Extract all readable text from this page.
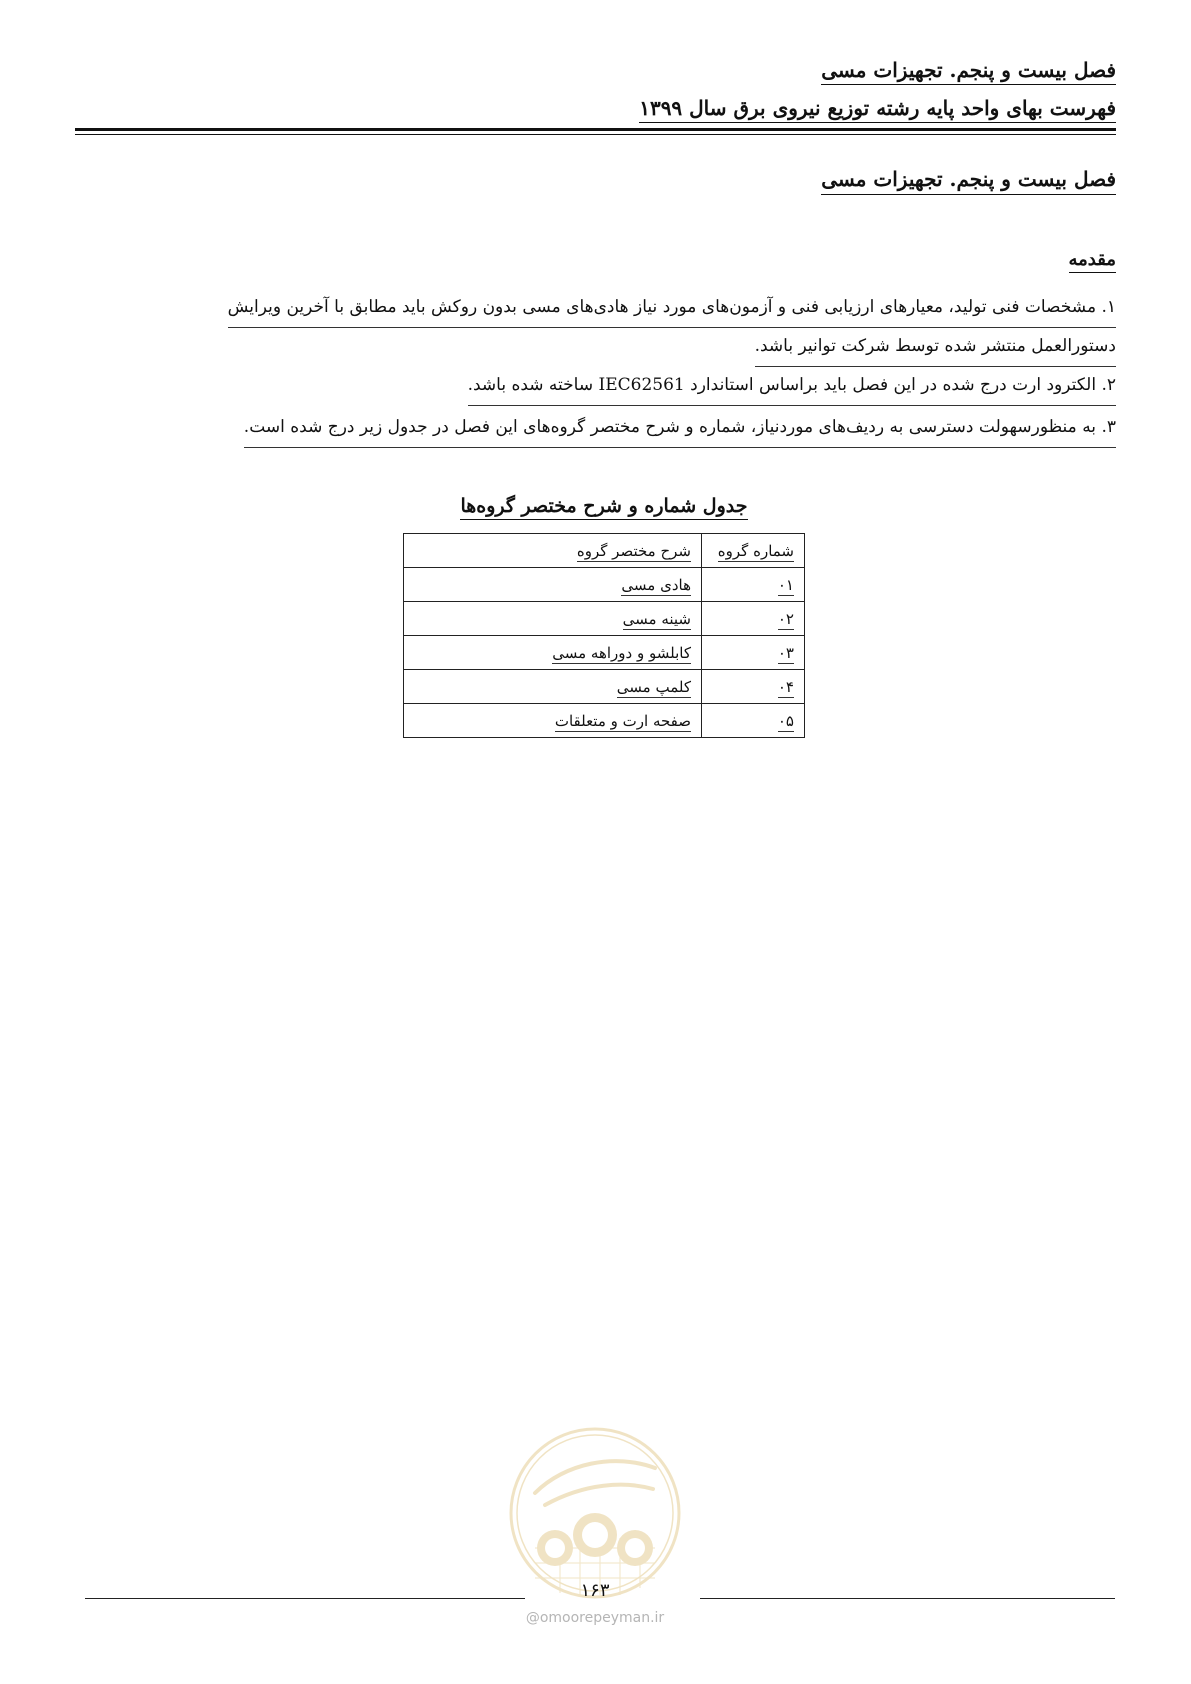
فصل بیست و پنجم. تجهیزات مسی
فهرست بهای واحد پایه رشته توزیع نیروی برق سال ۱۳۹۹
فصل بیست و پنجم. تجهیزات مسی
مقدمه
۱. مشخصات فنی تولید، معیارهای ارزیابی فنی و آزمون‌های مورد نیاز هادی‌های مسی بدون روکش باید مطابق با آخرین ویرایش
دستورالعمل منتشر شده توسط شرکت توانیر باشد.
۲. الکترود ارت درج شده در این فصل باید براساس استاندارد IEC62561 ساخته شده باشد.
۳. به منظورسهولت دسترسی به ردیف‌های موردنیاز، شماره و شرح مختصر گروه‌های این فصل در جدول زیر درج شده است.
جدول شماره و شرح مختصر گروه‌ها
شماره گروه	شرح مختصر گروه
۰۱	هادی مسی
۰۲	شینه مسی
۰۳	کابلشو و دوراهه مسی
۰۴	کلمپ مسی
۰۵	صفحه ارت و متعلقات
۱۶۳
@omoorepeyman.ir
